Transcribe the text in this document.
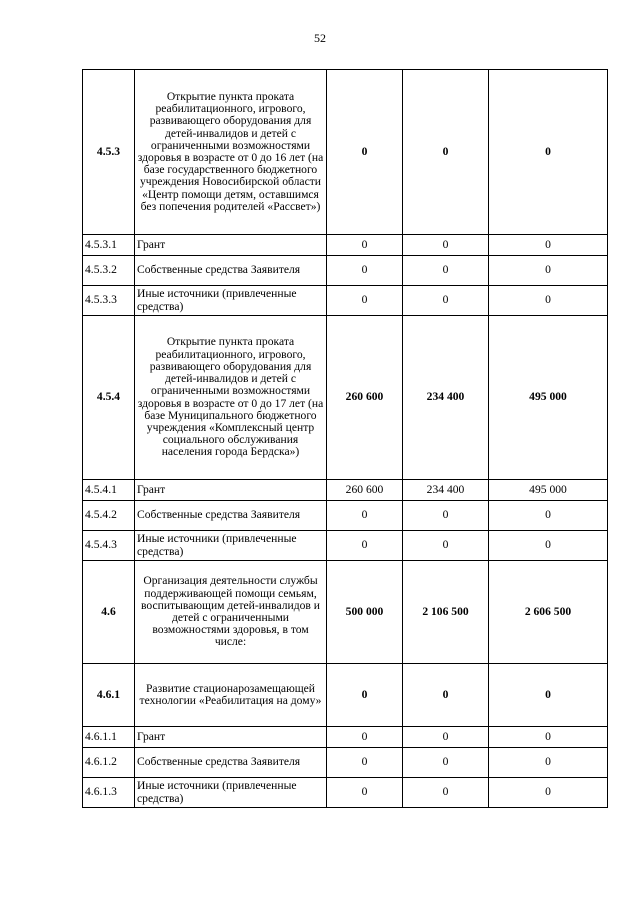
52
4.5.3	Открытие пункта проката реабилитационного, игрового, развивающего оборудования для детей-инвалидов и детей с ограниченными возможностями здоровья в возрасте от 0 до 16 лет (на базе государственного бюджетного учреждения Новосибирской области «Центр помощи детям, оставшимся без попечения родителей «Рассвет»)	0	0	0
4.5.3.1	Грант	0	0	0
4.5.3.2	Собственные средства Заявителя	0	0	0
4.5.3.3	Иные источники (привлеченные средства)	0	0	0
4.5.4	Открытие пункта проката реабилитационного, игрового, развивающего оборудования для детей-инвалидов и детей с ограниченными возможностями здоровья в возрасте от 0 до 17 лет (на базе Муниципального бюджетного учреждения «Комплексный центр социального обслуживания населения города Бердска»)	260 600	234 400	495 000
4.5.4.1	Грант	260 600	234 400	495 000
4.5.4.2	Собственные средства Заявителя	0	0	0
4.5.4.3	Иные источники (привлеченные средства)	0	0	0
4.6	Организация деятельности службы поддерживающей помощи семьям, воспитывающим детей-инвалидов и детей с ограниченными возможностями здоровья, в том числе:	500 000	2 106 500	2 606 500
4.6.1	Развитие стационарозамещающей технологии «Реабилитация на дому»	0	0	0
4.6.1.1	Грант	0	0	0
4.6.1.2	Собственные средства Заявителя	0	0	0
4.6.1.3	Иные источники (привлеченные средства)	0	0	0
